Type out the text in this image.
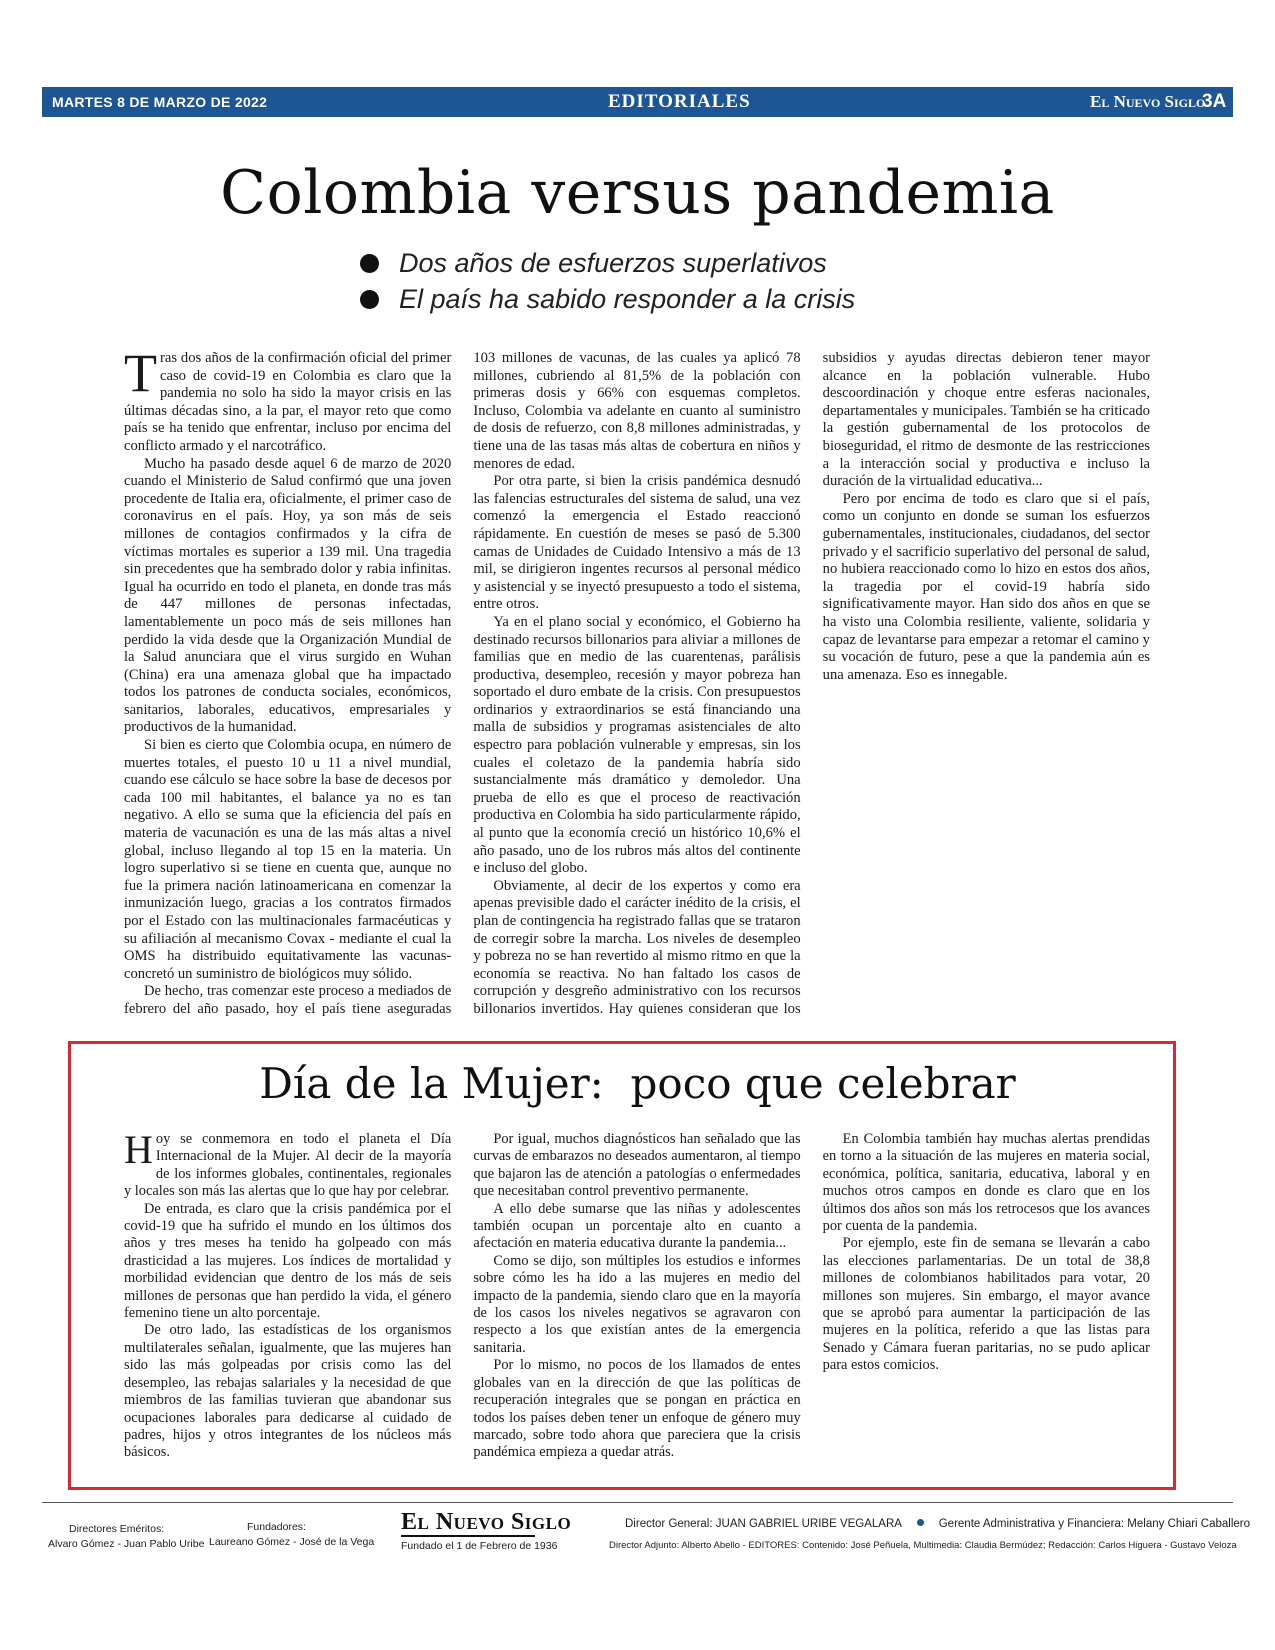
MARTES 8 DE MARZO DE 2022	EDITORIALES	El Nuevo Siglo
3A
Colombia versus pandemia
Dos años de esfuerzos superlativos
El país ha sabido responder a la crisis

Tras dos años de la confirmación oficial del primer caso de covid-19 en Colombia es claro que la pandemia no solo ha sido la mayor crisis en las últimas décadas sino, a la par, el mayor reto que como país se ha tenido que enfrentar, incluso por encima del conflicto armado y el narcotráfico.

Mucho ha pasado desde aquel 6 de marzo de 2020 cuando el Ministerio de Salud confirmó que una joven procedente de Italia era, oficialmente, el primer caso de coronavirus en el país. Hoy, ya son más de seis millones de contagios confirmados y la cifra de víctimas mortales es superior a 139 mil. Una tragedia sin precedentes que ha sembrado dolor y rabia infinitas. Igual ha ocurrido en todo el planeta, en donde tras más de 447 millones de personas infectadas, lamentablemente un poco más de seis millones han perdido la vida desde que la Organización Mundial de la Salud anunciara que el virus surgido en Wuhan (China) era una amenaza global que ha impactado todos los patrones de conducta sociales, económicos, sanitarios, laborales, educativos, empresariales y productivos de la humanidad.

Si bien es cierto que Colombia ocupa, en número de muertes totales, el puesto 10 u 11 a nivel mundial, cuando ese cálculo se hace sobre la base de decesos por cada 100 mil habitantes, el balance ya no es tan negativo. A ello se suma que la eficiencia del país en materia de vacunación es una de las más altas a nivel global, incluso llegando al top 15 en la materia. Un logro superlativo si se tiene en cuenta que, aunque no fue la primera nación latinoamericana en comenzar la inmunización luego, gracias a los contratos firmados por el Estado con las multinacionales farmacéuticas y su afiliación al mecanismo Covax - mediante el cual la OMS ha distribuido equitativamente las vacunas- concretó un suministro de biológicos muy sólido.

De hecho, tras comenzar este proceso a mediados de febrero del año pasado, hoy el país tiene aseguradas 103 millones de vacunas, de las cuales ya aplicó 78 millones, cubriendo al 81,5% de la población con primeras dosis y 66% con esquemas completos. Incluso, Colombia va adelante en cuanto al suministro de dosis de refuerzo, con 8,8 millones administradas, y tiene una de las tasas más altas de cobertura en niños y menores de edad.

Por otra parte, si bien la crisis pandémica desnudó las falencias estructurales del sistema de salud, una vez comenzó la emergencia el Estado reaccionó rápidamente. En cuestión de meses se pasó de 5.300 camas de Unidades de Cuidado Intensivo a más de 13 mil, se dirigieron ingentes recursos al personal médico y asistencial y se inyectó presupuesto a todo el sistema, entre otros.

Ya en el plano social y económico, el Gobierno ha destinado recursos billonarios para aliviar a millones de familias que en medio de las cuarentenas, parálisis productiva, desempleo, recesión y mayor pobreza han soportado el duro embate de la crisis. Con presupuestos ordinarios y extraordinarios se está financiando una malla de subsidios y programas asistenciales de alto espectro para población vulnerable y empresas, sin los cuales el coletazo de la pandemia habría sido sustancialmente más dramático y demoledor. Una prueba de ello es que el proceso de reactivación productiva en Colombia ha sido particularmente rápido, al punto que la economía creció un histórico 10,6% el año pasado, uno de los rubros más altos del continente e incluso del globo.

Obviamente, al decir de los expertos y como era apenas previsible dado el carácter inédito de la crisis, el plan de contingencia ha registrado fallas que se trataron de corregir sobre la marcha. Los niveles de desempleo y pobreza no se han revertido al mismo ritmo en que la economía se reactiva. No han faltado los casos de corrupción y desgreño administrativo con los recursos billonarios invertidos. Hay quienes consideran que los subsidios y ayudas directas debieron tener mayor alcance en la población vulnerable. Hubo descoordinación y choque entre esferas nacionales, departamentales y municipales. También se ha criticado la gestión gubernamental de los protocolos de bioseguridad, el ritmo de desmonte de las restricciones a la interacción social y productiva e incluso la duración de la virtualidad educativa...

Pero por encima de todo es claro que si el país, como un conjunto en donde se suman los esfuerzos gubernamentales, institucionales, ciudadanos, del sector privado y el sacrificio superlativo del personal de salud, no hubiera reaccionado como lo hizo en estos dos años, la tragedia por el covid-19 habría sido significativamente mayor. Han sido dos años en que se ha visto una Colombia resiliente, valiente, solidaria y capaz de levantarse para empezar a retomar el camino y su vocación de futuro, pese a que la pandemia aún es una amenaza. Eso es innegable.

Día de la Mujer:  poco que celebrar

Hoy se conmemora en todo el planeta el Día Internacional de la Mujer. Al decir de la mayoría de los informes globales, continentales, regionales y locales son más las alertas que lo que hay por celebrar.

De entrada, es claro que la crisis pandémica por el covid-19 que ha sufrido el mundo en los últimos dos años y tres meses ha tenido ha golpeado con más drasticidad a las mujeres. Los índices de mortalidad y morbilidad evidencian que dentro de los más de seis millones de personas que han perdido la vida, el género femenino tiene un alto porcentaje.

De otro lado, las estadísticas de los organismos multilaterales señalan, igualmente, que las mujeres han sido las más golpeadas por crisis como las del desempleo, las rebajas salariales y la necesidad de que miembros de las familias tuvieran que abandonar sus ocupaciones laborales para dedicarse al cuidado de padres, hijos y otros integrantes de los núcleos más básicos.

Por igual, muchos diagnósticos han señalado que las curvas de embarazos no deseados aumentaron, al tiempo que bajaron las de atención a patologías o enfermedades que necesitaban control preventivo permanente.

A ello debe sumarse que las niñas y adolescentes también ocupan un porcentaje alto en cuanto a afectación en materia educativa durante la pandemia...

Como se dijo, son múltiples los estudios e informes sobre cómo les ha ido a las mujeres en medio del impacto de la pandemia, siendo claro que en la mayoría de los casos los niveles negativos se agravaron con respecto a los que existían antes de la emergencia sanitaria.

Por lo mismo, no pocos de los llamados de entes globales van en la dirección de que las políticas de recuperación integrales que se pongan en práctica en todos los países deben tener un enfoque de género muy marcado, sobre todo ahora que pareciera que la crisis pandémica empieza a quedar atrás.

En Colombia también hay muchas alertas prendidas en torno a la situación de las mujeres en materia social, económica, política, sanitaria, educativa, laboral y en muchos otros campos en donde es claro que en los últimos dos años son más los retrocesos que los avances por cuenta de la pandemia.

Por ejemplo, este fin de semana se llevarán a cabo las elecciones parlamentarias. De un total de 38,8 millones de colombianos habilitados para votar, 20 millones son mujeres. Sin embargo, el mayor avance que se aprobó para aumentar la participación de las mujeres en la política, referido a que las listas para Senado y Cámara fueran paritarias, no se pudo aplicar para estos comicios.

Directores Eméritos:
Alvaro Gómez - Juan Pablo Uribe
Fundadores:
Laureano Gómez - José de la Vega
El Nuevo Siglo
Fundado el 1 de Febrero de 1936
Director General: JUAN GABRIEL URIBE VEGALARA	Gerente Administrativa y Financiera: Melany Chiari Caballero
Director Adjunto: Alberto Abello - EDITORES: Contenido: José Peñuela, Multimedia: Claudia Bermúdez; Redacción: Carlos Higuera - Gustavo Veloza
